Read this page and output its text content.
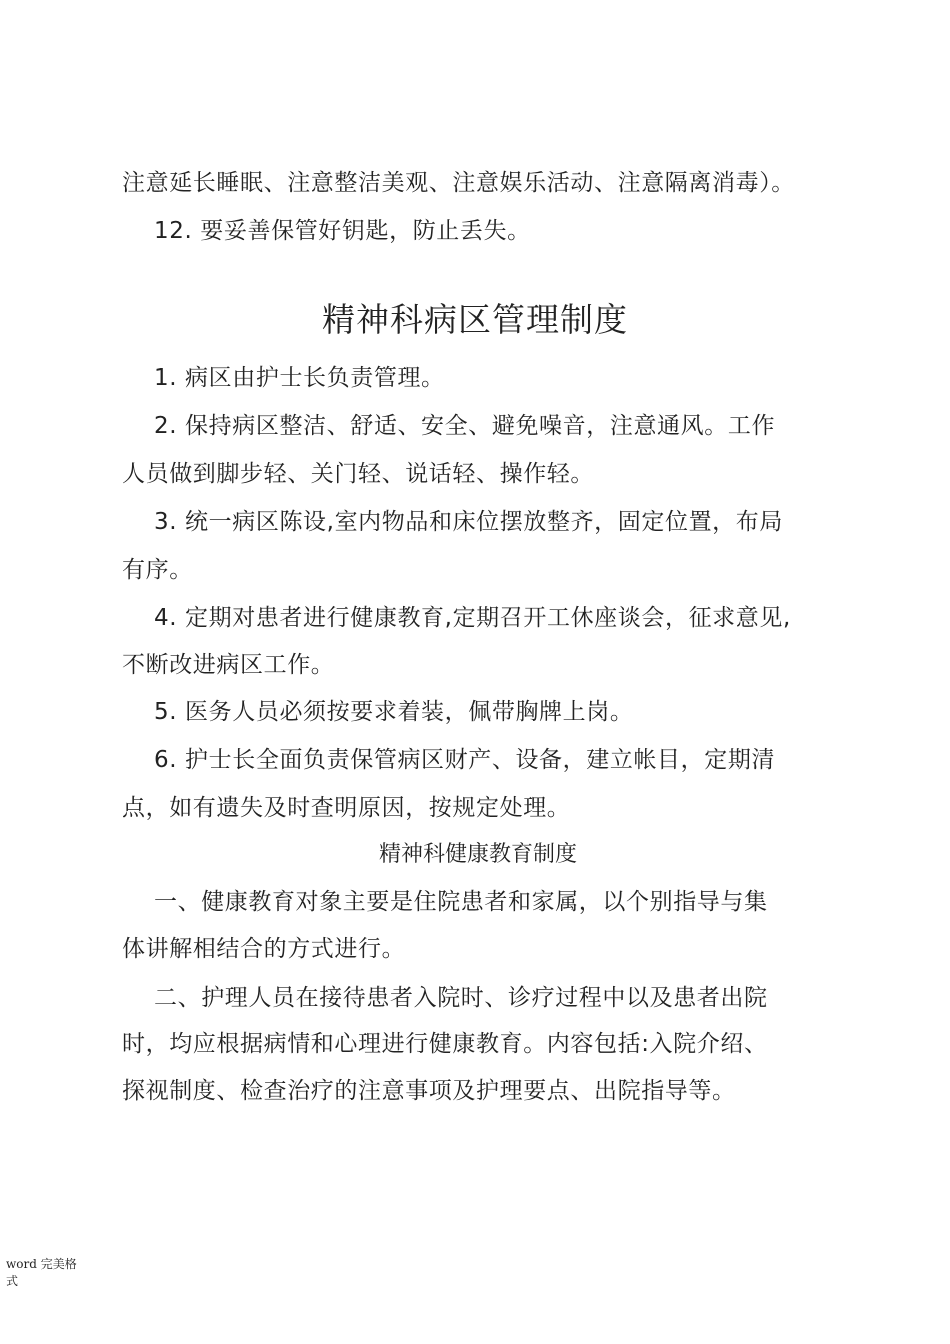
注意延长睡眠、注意整洁美观、注意娱乐活动、注意隔离消毒）。
12. 要妥善保管好钥匙，防止丢失。
精神科病区管理制度
1. 病区由护士长负责管理。
2. 保持病区整洁、舒适、安全、避免噪音，注意通风。工作
人员做到脚步轻、关门轻、说话轻、操作轻。
3. 统一病区陈设,室内物品和床位摆放整齐，固定位置，布局
有序。
4. 定期对患者进行健康教育,定期召开工休座谈会，征求意见,
不断改进病区工作。
5. 医务人员必须按要求着装，佩带胸牌上岗。
6. 护士长全面负责保管病区财产、设备，建立帐目，定期清
点，如有遗失及时查明原因，按规定处理。
精神科健康教育制度
一、健康教育对象主要是住院患者和家属，以个别指导与集
体讲解相结合的方式进行。
二、护理人员在接待患者入院时、诊疗过程中以及患者出院
时，均应根据病情和心理进行健康教育。内容包括:入院介绍、
探视制度、检查治疗的注意事项及护理要点、出院指导等。
word 完美格式
